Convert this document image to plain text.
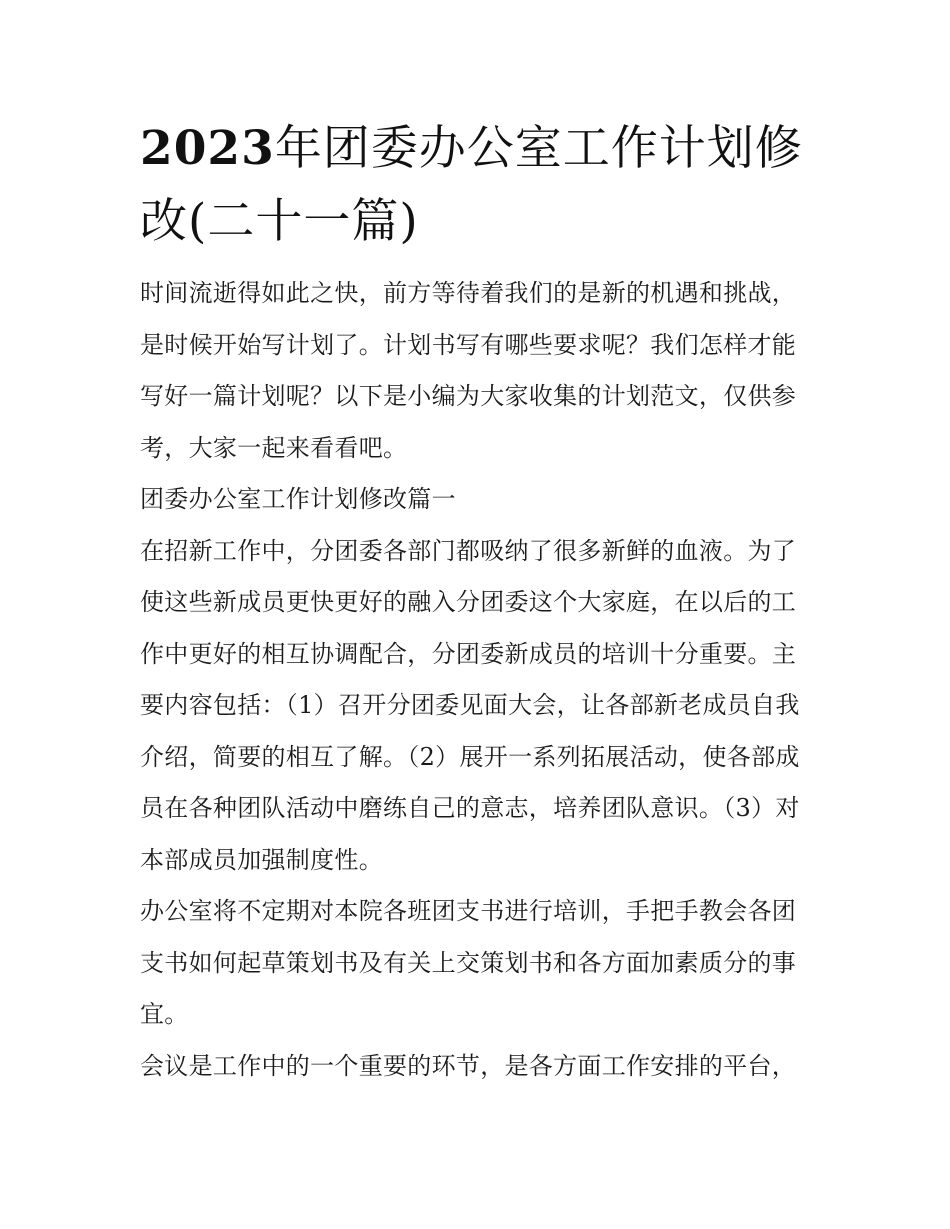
2023年团委办公室工作计划修改(二十一篇)

时间流逝得如此之快，前方等待着我们的是新的机遇和挑战，是时候开始写计划了。计划书写有哪些要求呢？我们怎样才能写好一篇计划呢？以下是小编为大家收集的计划范文，仅供参考，大家一起来看看吧。

团委办公室工作计划修改篇一

在招新工作中，分团委各部门都吸纳了很多新鲜的血液。为了使这些新成员更快更好的融入分团委这个大家庭，在以后的工作中更好的相互协调配合，分团委新成员的培训十分重要。主要内容包括：（1）召开分团委见面大会，让各部新老成员自我介绍，简要的相互了解。（2）展开一系列拓展活动，使各部成员在各种团队活动中磨练自己的意志，培养团队意识。（3）对本部成员加强制度性。

办公室将不定期对本院各班团支书进行培训，手把手教会各团支书如何起草策划书及有关上交策划书和各方面加素质分的事宜。

会议是工作中的一个重要的环节，是各方面工作安排的平台，
